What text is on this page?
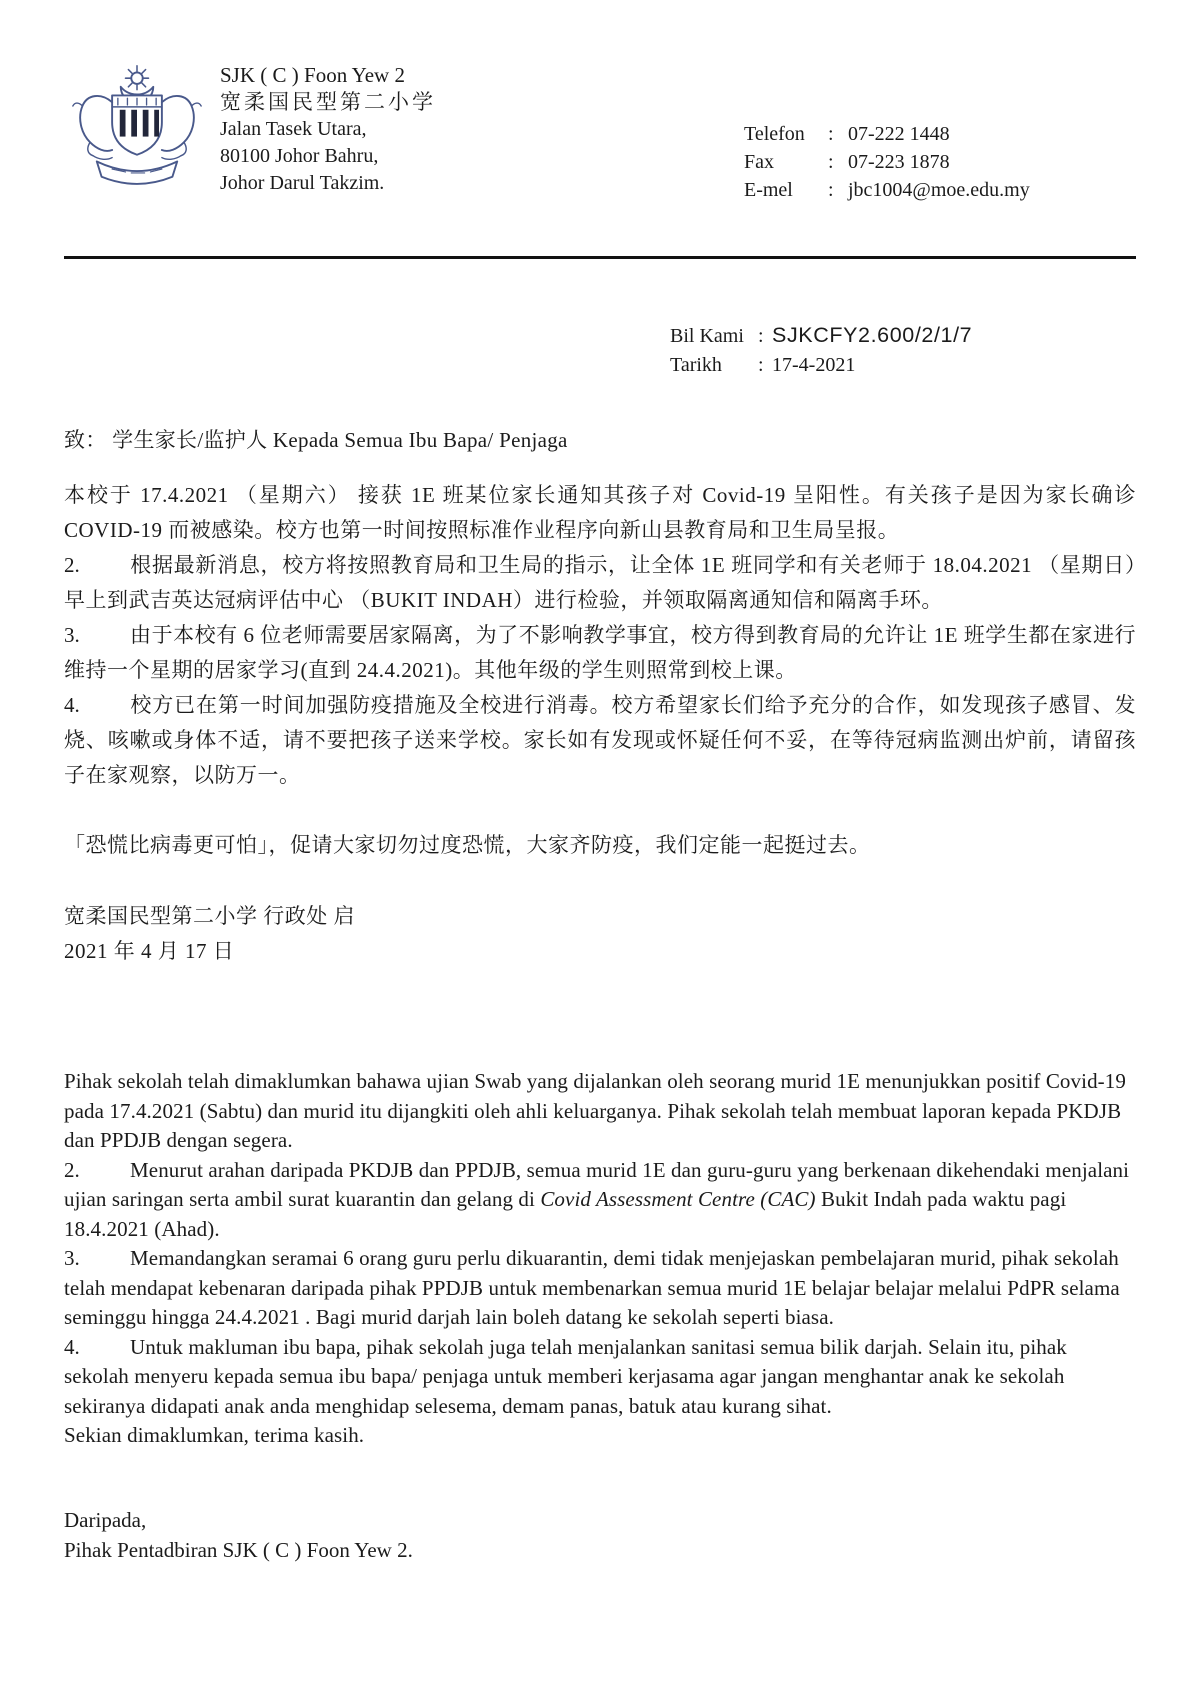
SJK ( C ) Foon Yew 2
宽柔国民型第二小学
Jalan Tasek Utara,
80100 Johor Bahru,
Johor Darul Takzim.
Telefon	: 07-222 1448
Fax	: 07-223 1878
E-mel	: jbc1004@moe.edu.my
Bil Kami : SJKCFY2.600/2/1/7
Tarikh	: 17-4-2021
致： 学生家长/监护人 Kepada Semua Ibu Bapa/ Penjaga
本校于 17.4.2021 （星期六） 接获 1E 班某位家长通知其孩子对 Covid-19 呈阳性。有关孩子是因为家长确诊 COVID-19 而被感染。校方也第一时间按照标准作业程序向新山县教育局和卫生局呈报。
2. 根据最新消息，校方将按照教育局和卫生局的指示，让全体 1E 班同学和有关老师于 18.04.2021 （星期日）早上到武吉英达冠病评估中心 （BUKIT INDAH）进行检验，并领取隔离通知信和隔离手环。
3. 由于本校有 6 位老师需要居家隔离，为了不影响教学事宜，校方得到教育局的允许让 1E 班学生都在家进行维持一个星期的居家学习(直到 24.4.2021)。其他年级的学生则照常到校上课。
4. 校方已在第一时间加强防疫措施及全校进行消毒。校方希望家长们给予充分的合作，如发现孩子感冒、发烧、咳嗽或身体不适，请不要把孩子送来学校。家长如有发现或怀疑任何不妥，在等待冠病监测出炉前，请留孩子在家观察，以防万一。
「恐慌比病毒更可怕」，促请大家切勿过度恐慌，大家齐防疫，我们定能一起挺过去。
宽柔国民型第二小学 行政处 启
2021 年 4 月 17 日
Pihak sekolah telah dimaklumkan bahawa ujian Swab yang dijalankan oleh seorang murid 1E menunjukkan positif Covid-19 pada 17.4.2021 (Sabtu) dan murid itu dijangkiti oleh ahli keluarganya. Pihak sekolah telah membuat laporan kepada PKDJB dan PPDJB dengan segera.
2. Menurut arahan daripada PKDJB dan PPDJB, semua murid 1E dan guru-guru yang berkenaan dikehendaki menjalani ujian saringan serta ambil surat kuarantin dan gelang di Covid Assessment Centre (CAC) Bukit Indah pada waktu pagi 18.4.2021 (Ahad).
3. Memandangkan seramai 6 orang guru perlu dikuarantin, demi tidak menjejaskan pembelajaran murid, pihak sekolah telah mendapat kebenaran daripada pihak PPDJB untuk membenarkan semua murid 1E belajar belajar melalui PdPR selama seminggu hingga 24.4.2021 . Bagi murid darjah lain boleh datang ke sekolah seperti biasa.
4. Untuk makluman ibu bapa, pihak sekolah juga telah menjalankan sanitasi semua bilik darjah. Selain itu, pihak sekolah menyeru kepada semua ibu bapa/ penjaga untuk memberi kerjasama agar jangan menghantar anak ke sekolah sekiranya didapati anak anda menghidap selesema, demam panas, batuk atau kurang sihat.
Sekian dimaklumkan, terima kasih.
Daripada,
Pihak Pentadbiran SJK ( C ) Foon Yew 2.
